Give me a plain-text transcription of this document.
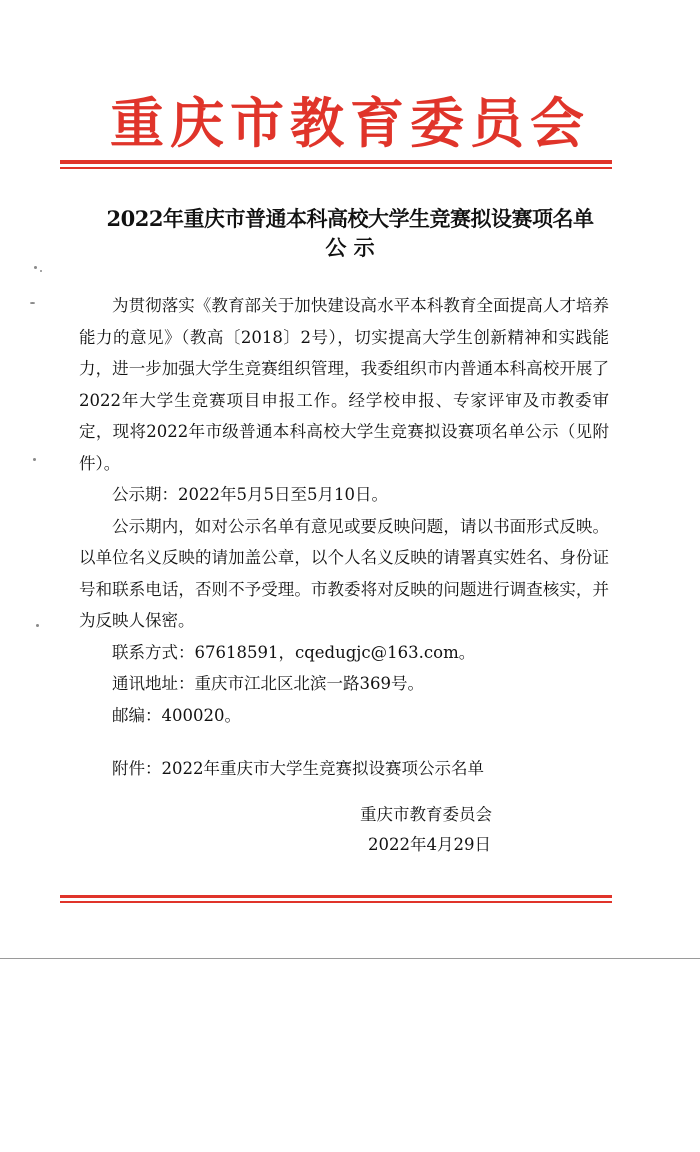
重庆市教育委员会
2022年重庆市普通本科高校大学生竞赛拟设赛项名单
公 示

为贯彻落实《教育部关于加快建设高水平本科教育全面提高人才培养能力的意见》（教高〔2018〕2号），切实提高大学生创新精神和实践能力，进一步加强大学生竞赛组织管理，我委组织市内普通本科高校开展了2022年大学生竞赛项目申报工作。经学校申报、专家评审及市教委审定，现将2022年市级普通本科高校大学生竞赛拟设赛项名单公示（见附件）。

公示期：2022年5月5日至5月10日。

公示期内，如对公示名单有意见或要反映问题，请以书面形式反映。以单位名义反映的请加盖公章，以个人名义反映的请署真实姓名、身份证号和联系电话，否则不予受理。市教委将对反映的问题进行调查核实，并为反映人保密。

联系方式：67618591，cqedugjc@163.com。

通讯地址：重庆市江北区北滨一路369号。

邮编：400020。

附件：2022年重庆市大学生竞赛拟设赛项公示名单

重庆市教育委员会
2022年4月29日
